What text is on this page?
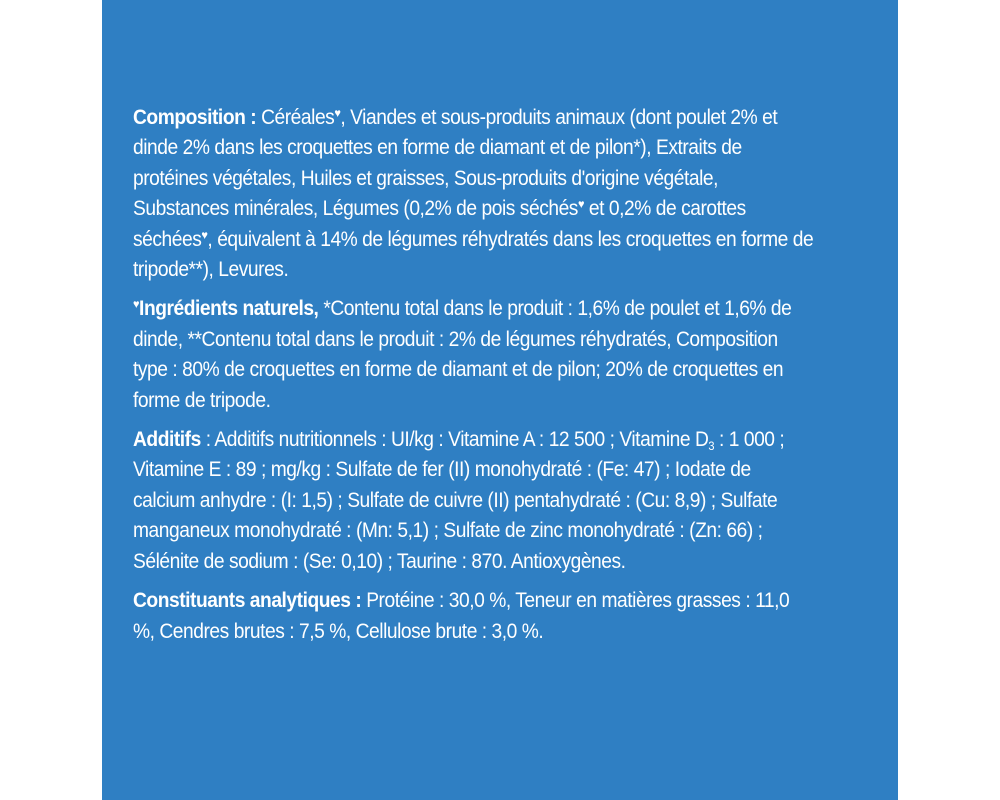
Composition : Céréales♥, Viandes et sous-produits animaux (dont poulet 2% et dinde 2% dans les croquettes en forme de diamant et de pilon*), Extraits de protéines végétales, Huiles et graisses, Sous-produits d'origine végétale, Substances minérales, Légumes (0,2% de pois séchés♥ et 0,2% de carottes séchées♥, équivalent à 14% de légumes réhydratés dans les croquettes en forme de tripode**), Levures.

♥Ingrédients naturels, *Contenu total dans le produit : 1,6% de poulet et 1,6% de dinde, **Contenu total dans le produit : 2% de légumes réhydratés, Composition type : 80% de croquettes en forme de diamant et de pilon; 20% de croquettes en forme de tripode.

Additifs : Additifs nutritionnels : UI/kg : Vitamine A : 12 500 ; Vitamine $D_3$ : 1 000 ; Vitamine E : 89 ; mg/kg : Sulfate de fer (II) monohydraté : (Fe: 47) ; Iodate de calcium anhydre : (I: 1,5) ; Sulfate de cuivre (II) pentahydraté : (Cu: 8,9) ; Sulfate manganeux monohydraté : (Mn: 5,1) ; Sulfate de zinc monohydraté : (Zn: 66) ; Sélénite de sodium : (Se: 0,10) ; Taurine : 870. Antioxygènes.

Constituants analytiques : Protéine : 30,0 %, Teneur en matières grasses : 11,0 %, Cendres brutes : 7,5 %, Cellulose brute : 3,0 %.
